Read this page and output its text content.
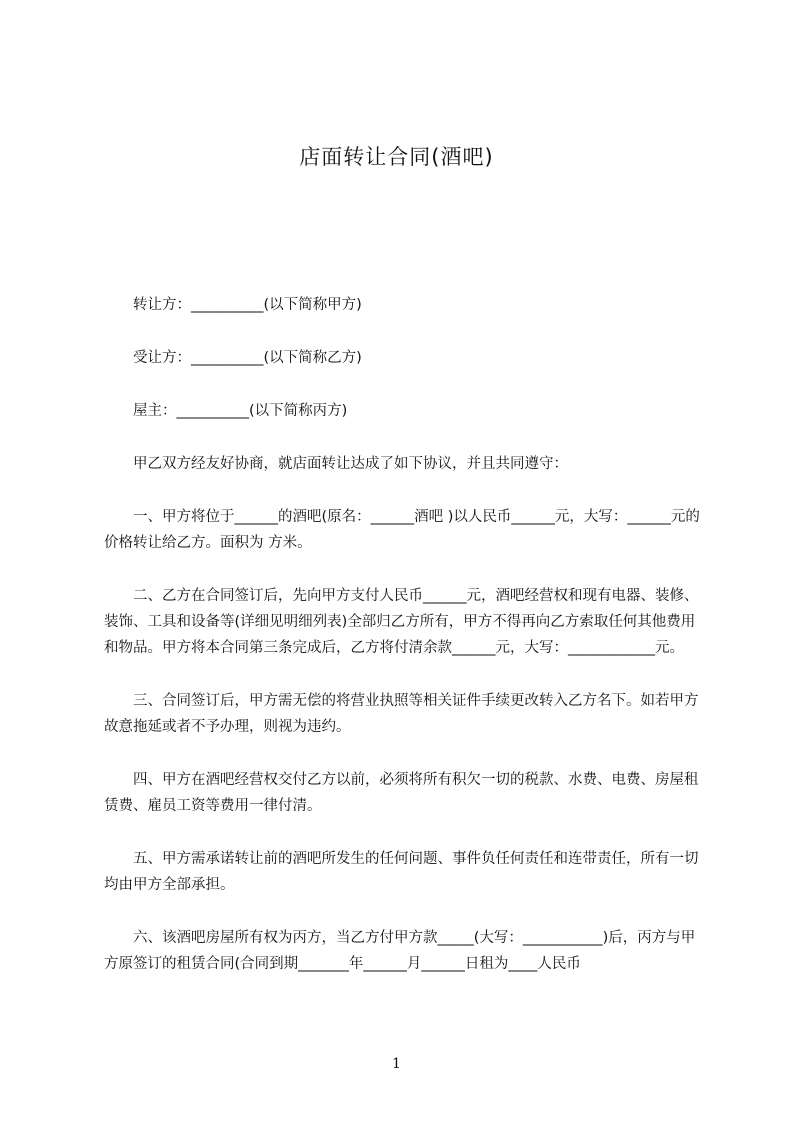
店面转让合同(酒吧)

转让方：__________(以下简称甲方)

受让方：__________(以下简称乙方)

屋主：__________(以下简称丙方)

甲乙双方经友好协商，就店面转让达成了如下协议，并且共同遵守：

一、甲方将位于______的酒吧(原名：______酒吧 )以人民币______元，大写：______元的价格转让给乙方。面积为 方米。

二、乙方在合同签订后，先向甲方支付人民币______元，酒吧经营权和现有电器、装修、装饰、工具和设备等(详细见明细列表)全部归乙方所有，甲方不得再向乙方索取任何其他费用和物品。甲方将本合同第三条完成后，乙方将付清余款______元，大写：____________元。

三、合同签订后，甲方需无偿的将营业执照等相关证件手续更改转入乙方名下。如若甲方故意拖延或者不予办理，则视为违约。

四、甲方在酒吧经营权交付乙方以前，必须将所有积欠一切的税款、水费、电费、房屋租赁费、雇员工资等费用一律付清。

五、甲方需承诺转让前的酒吧所发生的任何问题、事件负任何责任和连带责任，所有一切均由甲方全部承担。

六、该酒吧房屋所有权为丙方，当乙方付甲方款_____(大写：___________)后，丙方与甲方原签订的租赁合同(合同到期_______年______月______日租为____人民币

1
